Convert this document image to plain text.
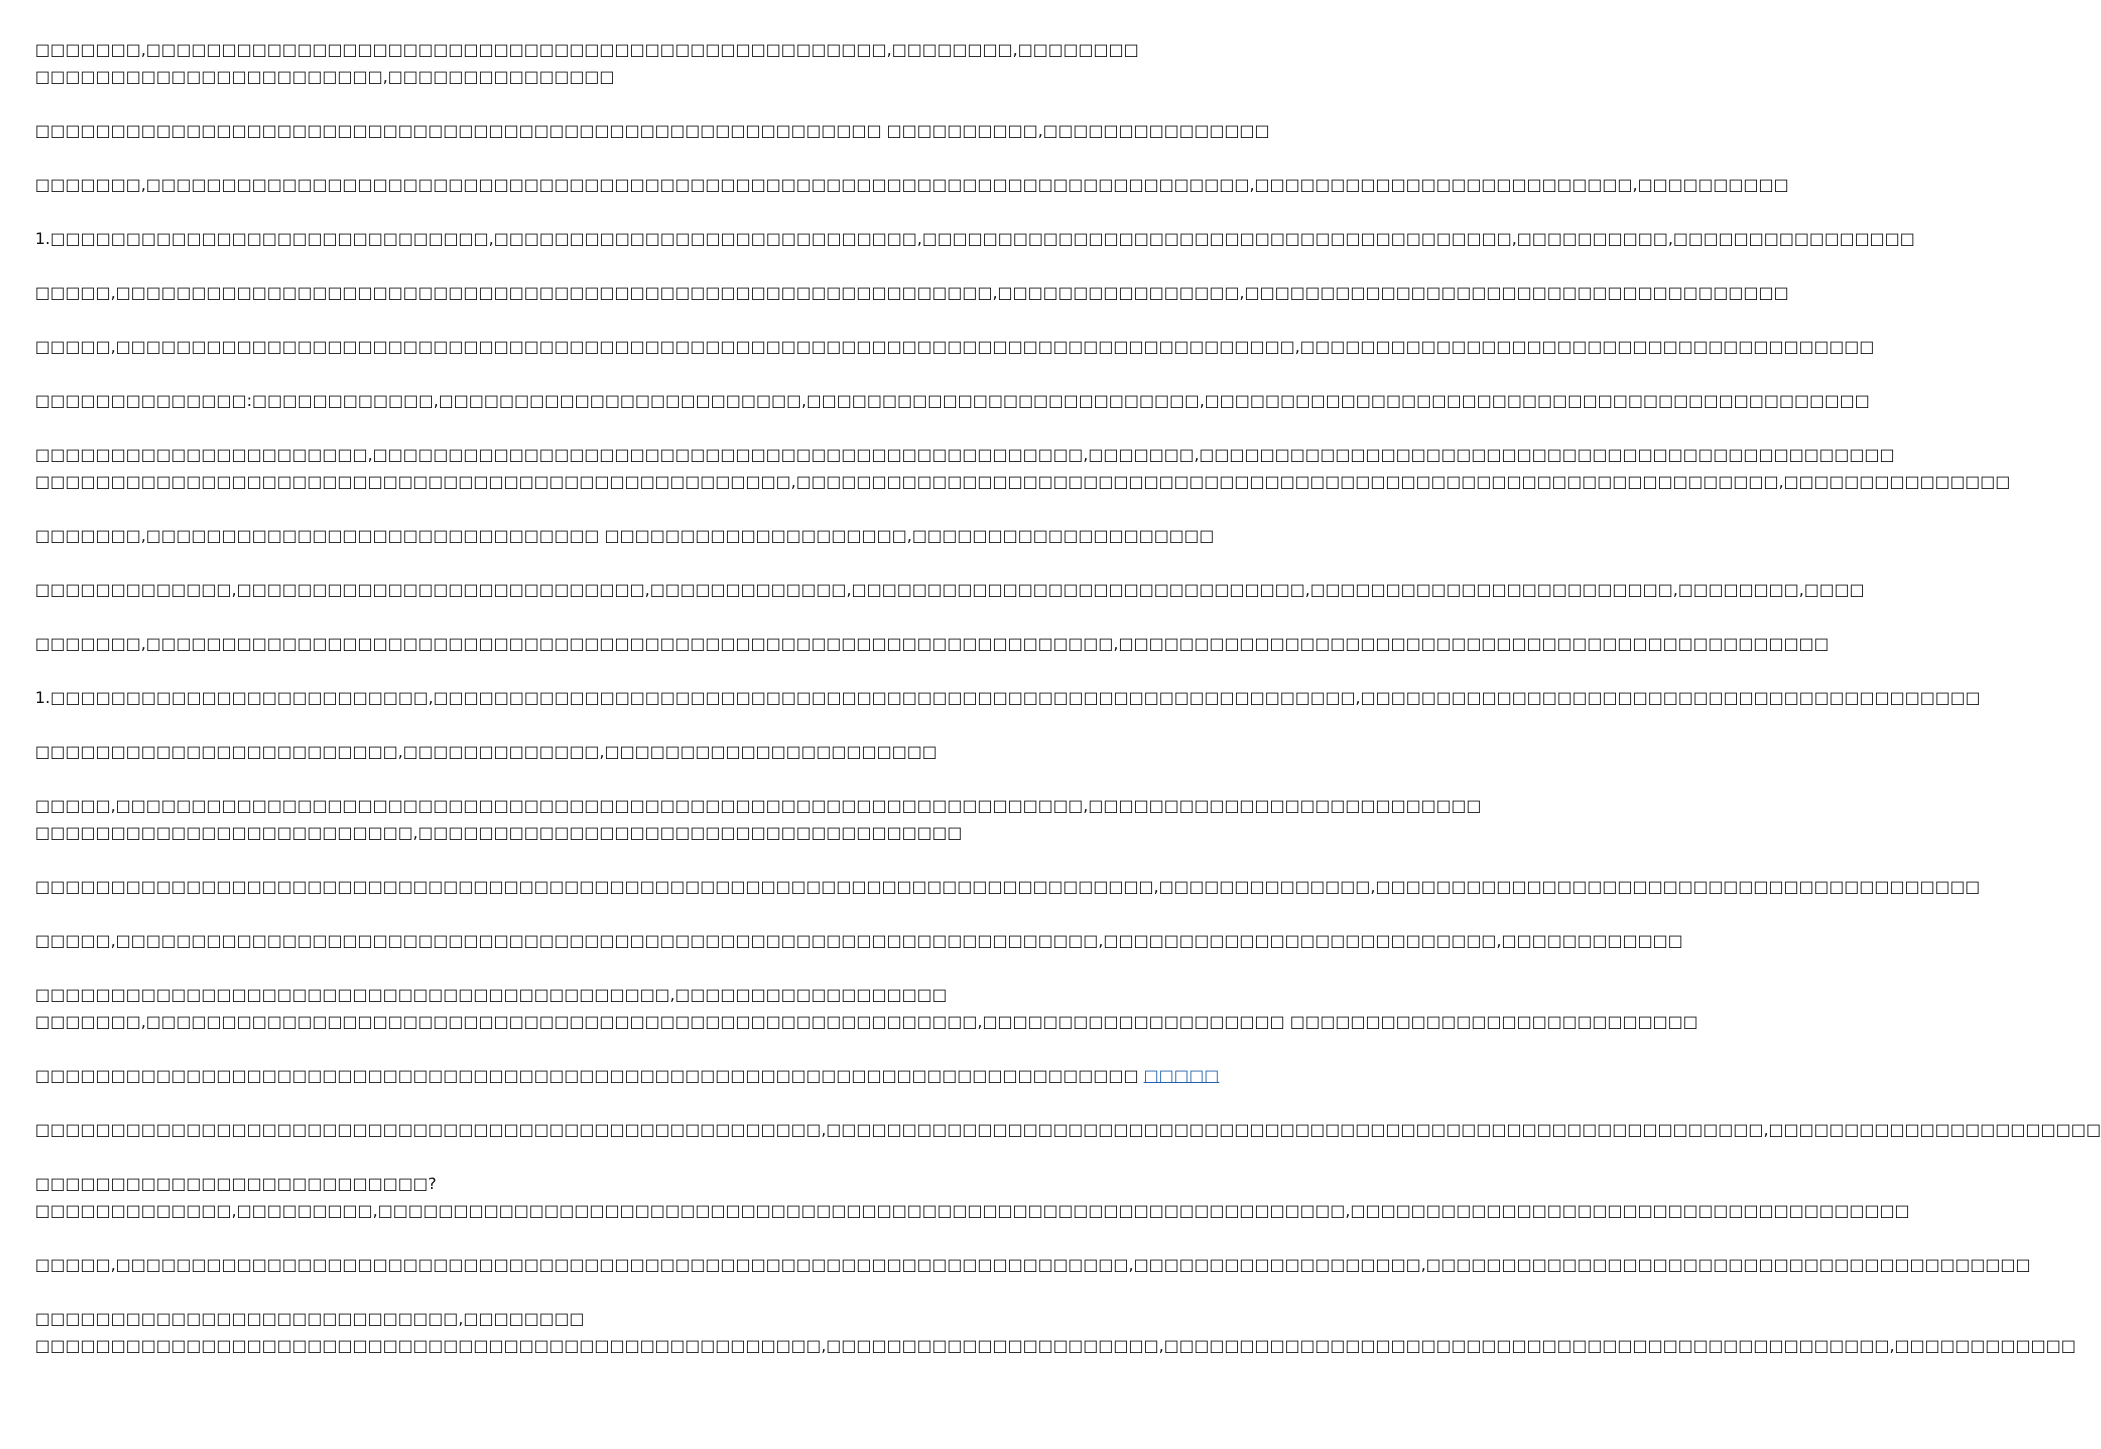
□□□□□□□,□□□□□□□□□□□□□□□□□□□□□□□□□□□□□□□□□□□□□□□□□□□□□□□□□,□□□□□□□□,□□□□□□□□
□□□□□□□□□□□□□□□□□□□□□□□,□□□□□□□□□□□□□□□
□□□□□□□□□□□□□□□□□□□□□□□□□□□□□□□□□□□□□□□□□□□□□□□□□□□□□□□□ □□□□□□□□□□,□□□□□□□□□□□□□□□
□□□□□□□,□□□□□□□□□□□□□□□□□□□□□□□□□□□□□□□□□□□□□□□□□□□□□□□□□□□□□□□□□□□□□□□□□□□□□□□□□,□□□□□□□□□□□□□□□□□□□□□□□□□,□□□□□□□□□□
1.□□□□□□□□□□□□□□□□□□□□□□□□□□□□□,□□□□□□□□□□□□□□□□□□□□□□□□□□□□,□□□□□□□□□□□□□□□□□□□□□□□□□□□□□□□□□□□□□□□,□□□□□□□□□□,□□□□□□□□□□□□□□□□
□□□□□,□□□□□□□□□□□□□□□□□□□□□□□□□□□□□□□□□□□□□□□□□□□□□□□□□□□□□□□□□□,□□□□□□□□□□□□□□□□,□□□□□□□□□□□□□□□□□□□□□□□□□□□□□□□□□□□□
□□□□□,□□□□□□□□□□□□□□□□□□□□□□□□□□□□□□□□□□□□□□□□□□□□□□□□□□□□□□□□□□□□□□□□□□□□□□□□□□□□□□,□□□□□□□□□□□□□□□□□□□□□□□□□□□□□□□□□□□□□□
□□□□□□□□□□□□□□:□□□□□□□□□□□□,□□□□□□□□□□□□□□□□□□□□□□□□,□□□□□□□□□□□□□□□□□□□□□□□□□□,□□□□□□□□□□□□□□□□□□□□□□□□□□□□□□□□□□□□□□□□□□□□
□□□□□□□□□□□□□□□□□□□□□□,□□□□□□□□□□□□□□□□□□□□□□□□□□□□□□□□□□□□□□□□□□□□□□□,□□□□□□□,□□□□□□□□□□□□□□□□□□□□□□□□□□□□□□□□□□□□□□□□□□□□□□
□□□□□□□□□□□□□□□□□□□□□□□□□□□□□□□□□□□□□□□□□□□□□□□□□□,□□□□□□□□□□□□□□□□□□□□□□□□□□□□□□□□□□□□□□□□□□□□□□□□□□□□□□□□□□□□□□□□□,□□□□□□□□□□□□□□□
□□□□□□□,□□□□□□□□□□□□□□□□□□□□□□□□□□□□□□ □□□□□□□□□□□□□□□□□□□□,□□□□□□□□□□□□□□□□□□□□
□□□□□□□□□□□□□,□□□□□□□□□□□□□□□□□□□□□□□□□□□,□□□□□□□□□□□□□,□□□□□□□□□□□□□□□□□□□□□□□□□□□□□□,□□□□□□□□□□□□□□□□□□□□□□□□,□□□□□□□□,□□□□
□□□□□□□,□□□□□□□□□□□□□□□□□□□□□□□□□□□□□□□□□□□□□□□□□□□□□□□□□□□□□□□□□□□□□□□□,□□□□□□□□□□□□□□□□□□□□□□□□□□□□□□□□□□□□□□□□□□□□□□□
1.□□□□□□□□□□□□□□□□□□□□□□□□□,□□□□□□□□□□□□□□□□□□□□□□□□□□□□□□□□□□□□□□□□□□□□□□□□□□□□□□□□□□□□□,□□□□□□□□□□□□□□□□□□□□□□□□□□□□□□□□□□□□□□□□□
□□□□□□□□□□□□□□□□□□□□□□□□,□□□□□□□□□□□□□,□□□□□□□□□□□□□□□□□□□□□□
□□□□□,□□□□□□□□□□□□□□□□□□□□□□□□□□□□□□□□□□□□□□□□□□□□□□□□□□□□□□□□□□□□□□□□,□□□□□□□□□□□□□□□□□□□□□□□□□□
□□□□□□□□□□□□□□□□□□□□□□□□□,□□□□□□□□□□□□□□□□□□□□□□□□□□□□□□□□□□□□
□□□□□□□□□□□□□□□□□□□□□□□□□□□□□□□□□□□□□□□□□□□□□□□□□□□□□□□□□□□□□□□□□□□□□□□□□□,□□□□□□□□□□□□□□,□□□□□□□□□□□□□□□□□□□□□□□□□□□□□□□□□□□□□□□□
□□□□□,□□□□□□□□□□□□□□□□□□□□□□□□□□□□□□□□□□□□□□□□□□□□□□□□□□□□□□□□□□□□□□□□□,□□□□□□□□□□□□□□□□□□□□□□□□□□,□□□□□□□□□□□□
□□□□□□□□□□□□□□□□□□□□□□□□□□□□□□□□□□□□□□□□□□,□□□□□□□□□□□□□□□□□□
□□□□□□□,□□□□□□□□□□□□□□□□□□□□□□□□□□□□□□□□□□□□□□□□□□□□□□□□□□□□□□□,□□□□□□□□□□□□□□□□□□□□ □□□□□□□□□□□□□□□□□□□□□□□□□□□
□□□□□□□□□□□□□□□□□□□□□□□□□□□□□□□□□□□□□□□□□□□□□□□□□□□□□□□□□□□□□□□□□□□□□□□□□ □□□□□
□□□□□□□□□□□□□□□□□□□□□□□□□□□□□□□□□□□□□□□□□□□□□□□□□□□□,□□□□□□□□□□□□□□□□□□□□□□□□□□□□□□□□□□□□□□□□□□□□□□□□□□□□□□□□□□□□□□,□□□□□□□□□□□□□□□□□□□□□□
□□□□□□□□□□□□□□□□□□□□□□□□□□?
□□□□□□□□□□□□□,□□□□□□□□□,□□□□□□□□□□□□□□□□□□□□□□□□□□□□□□□□□□□□□□□□□□□□□□□□□□□□□□□□□□□□□□□□,□□□□□□□□□□□□□□□□□□□□□□□□□□□□□□□□□□□□□
□□□□□,□□□□□□□□□□□□□□□□□□□□□□□□□□□□□□□□□□□□□□□□□□□□□□□□□□□□□□□□□□□□□□□□□□□,□□□□□□□□□□□□□□□□□□□,□□□□□□□□□□□□□□□□□□□□□□□□□□□□□□□□□□□□□□□□
□□□□□□□□□□□□□□□□□□□□□□□□□□□□,□□□□□□□□
□□□□□□□□□□□□□□□□□□□□□□□□□□□□□□□□□□□□□□□□□□□□□□□□□□□□,□□□□□□□□□□□□□□□□□□□□□□,□□□□□□□□□□□□□□□□□□□□□□□□□□□□□□□□□□□□□□□□□□□□□□□□,□□□□□□□□□□□□
